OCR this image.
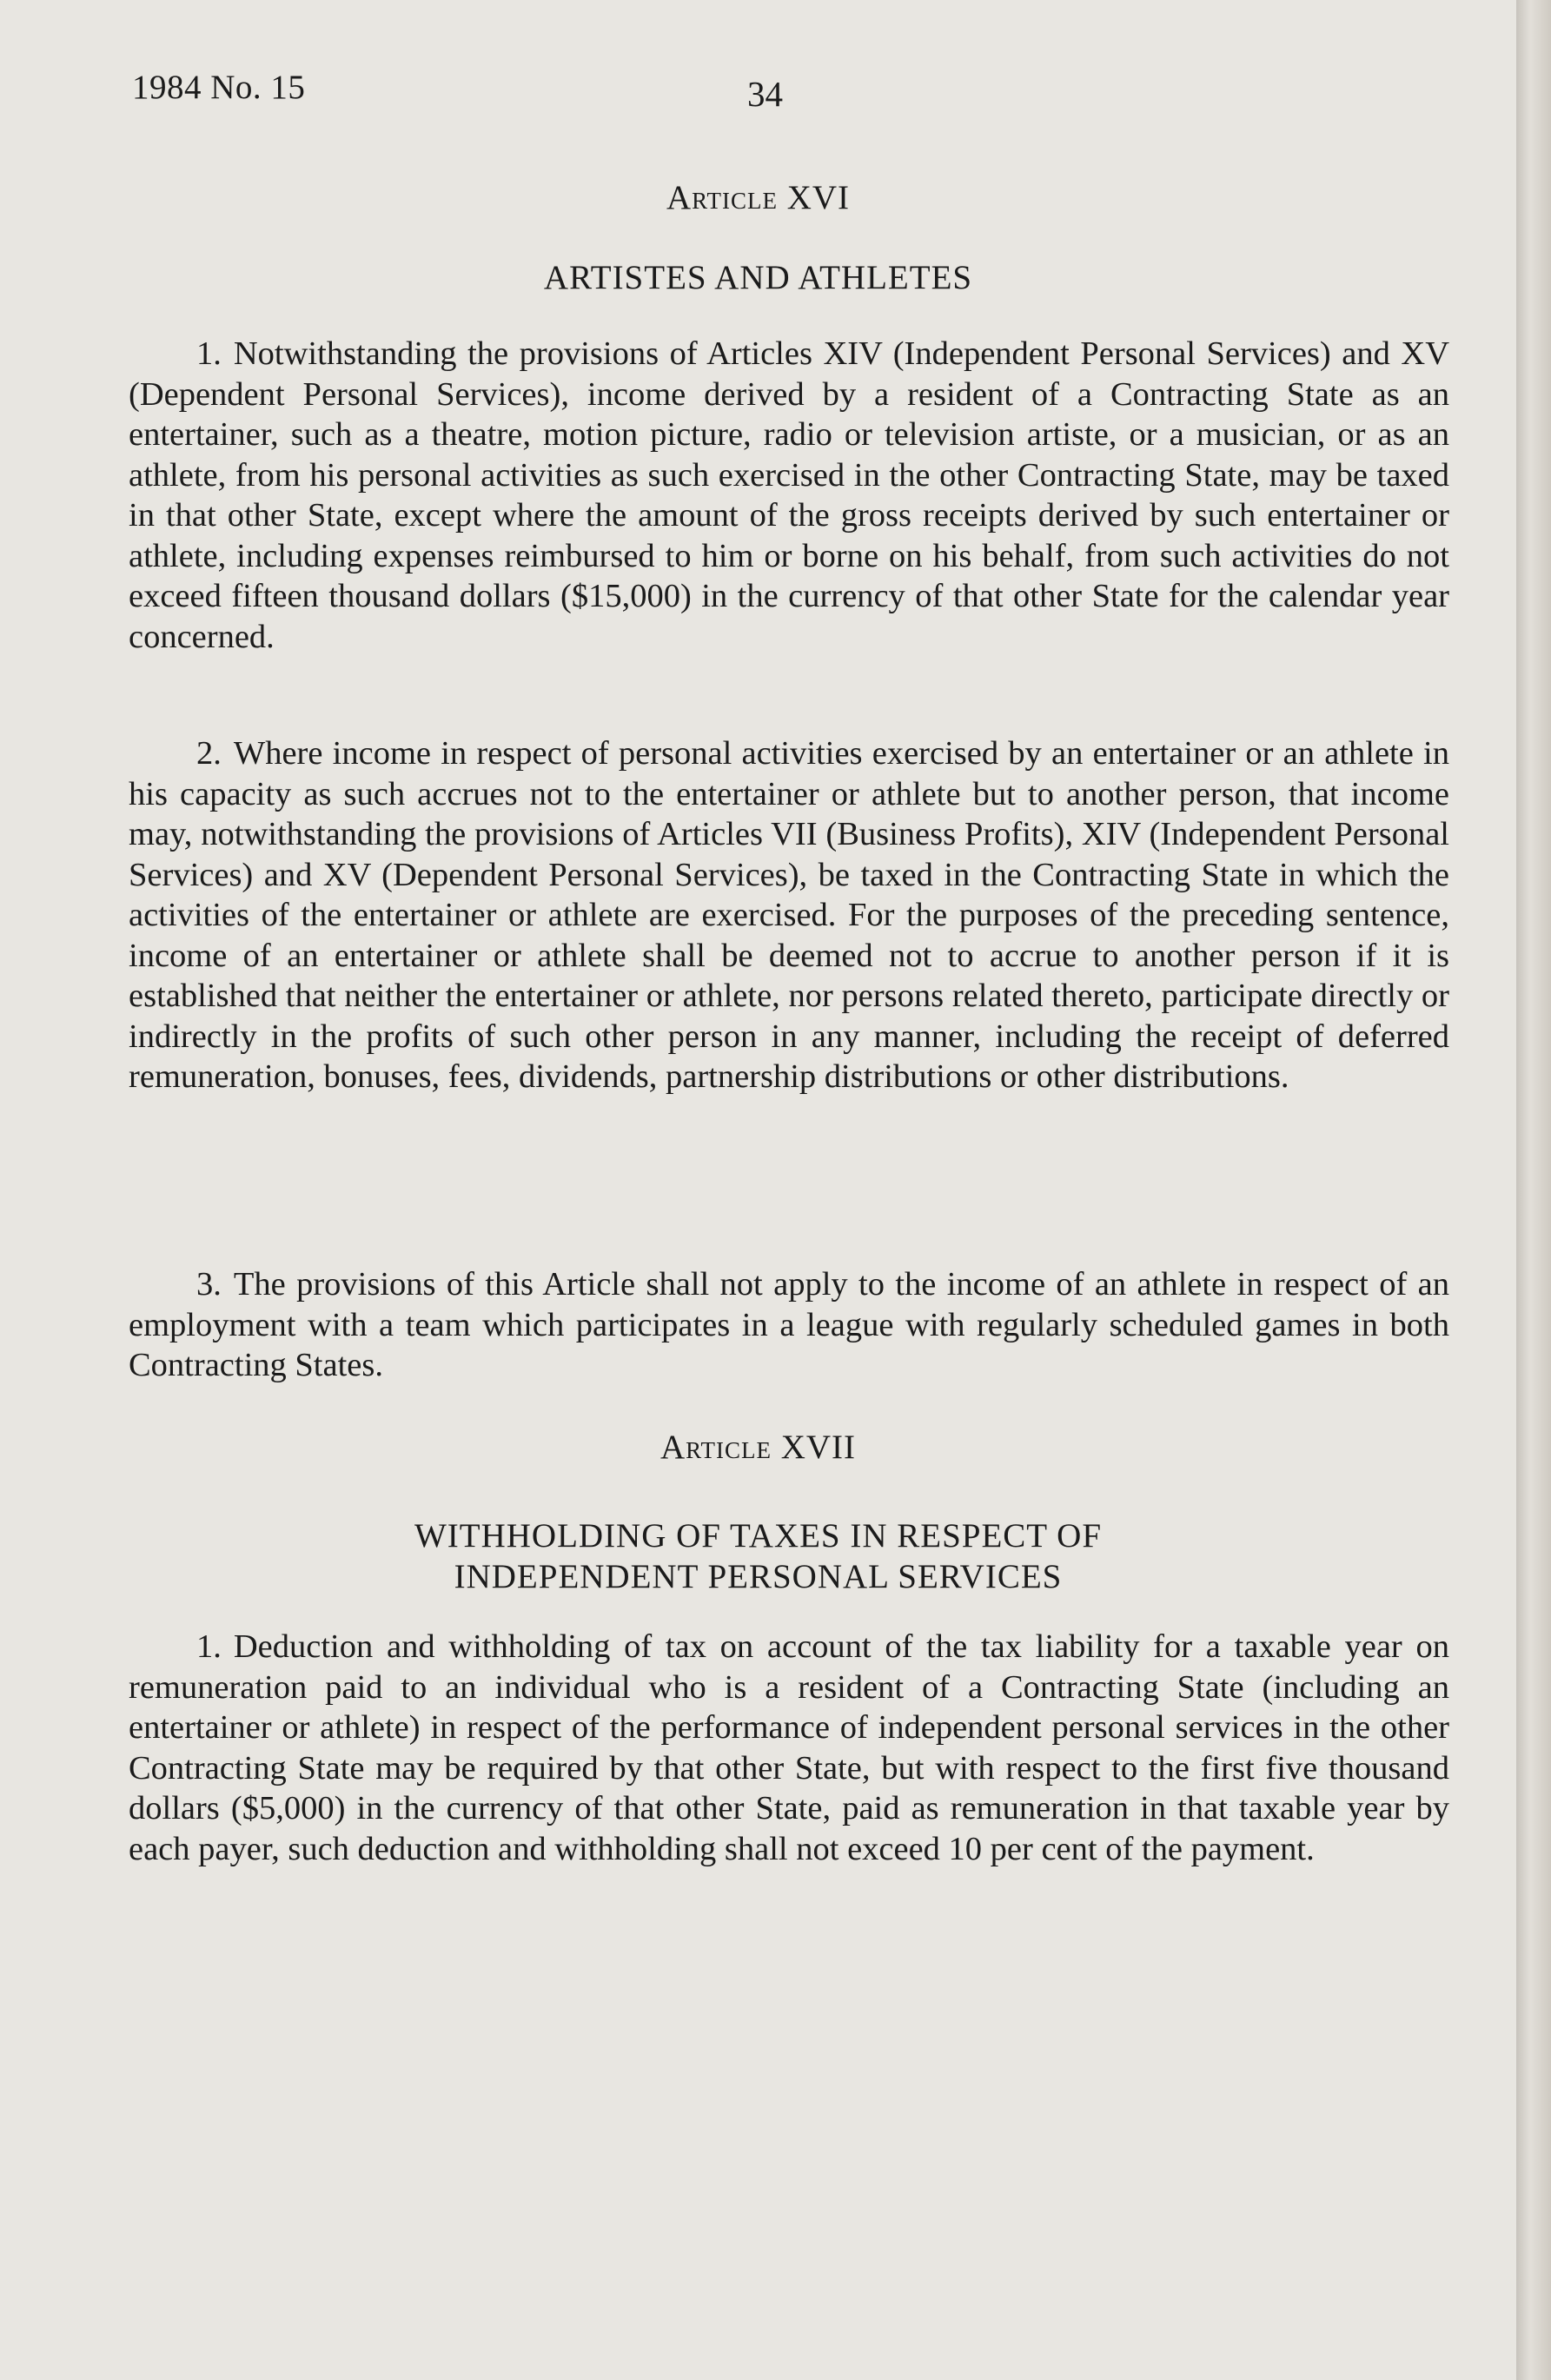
1984 No. 15	34
Article XVI
ARTISTES AND ATHLETES

1. Notwithstanding the provisions of Articles XIV (Independent Personal Services) and XV (Dependent Personal Services), income derived by a resident of a Contracting State as an entertainer, such as a theatre, motion picture, radio or television artiste, or a musician, or as an athlete, from his personal activities as such exercised in the other Contracting State, may be taxed in that other State, except where the amount of the gross receipts derived by such entertainer or athlete, including expenses reimbursed to him or borne on his behalf, from such activities do not exceed fifteen thousand dollars ($15,000) in the currency of that other State for the calendar year concerned.

2. Where income in respect of personal activities exercised by an entertainer or an athlete in his capacity as such accrues not to the entertainer or athlete but to another person, that income may, notwithstanding the provisions of Articles VII (Business Profits), XIV (Independent Personal Services) and XV (Dependent Personal Services), be taxed in the Contracting State in which the activities of the entertainer or athlete are exercised. For the purposes of the preceding sentence, income of an entertainer or athlete shall be deemed not to accrue to another person if it is established that neither the entertainer or athlete, nor persons related thereto, participate directly or indirectly in the profits of such other person in any manner, including the receipt of deferred remuneration, bonuses, fees, dividends, partnership distributions or other distributions.

3. The provisions of this Article shall not apply to the income of an athlete in respect of an employment with a team which participates in a league with regularly scheduled games in both Contracting States.

Article XVII
WITHHOLDING OF TAXES IN RESPECT OF
INDEPENDENT PERSONAL SERVICES

1. Deduction and withholding of tax on account of the tax liability for a taxable year on remuneration paid to an individual who is a resident of a Contracting State (including an entertainer or athlete) in respect of the performance of independent personal services in the other Contracting State may be required by that other State, but with respect to the first five thousand dollars ($5,000) in the currency of that other State, paid as remuneration in that taxable year by each payer, such deduction and withholding shall not exceed 10 per cent of the payment.
